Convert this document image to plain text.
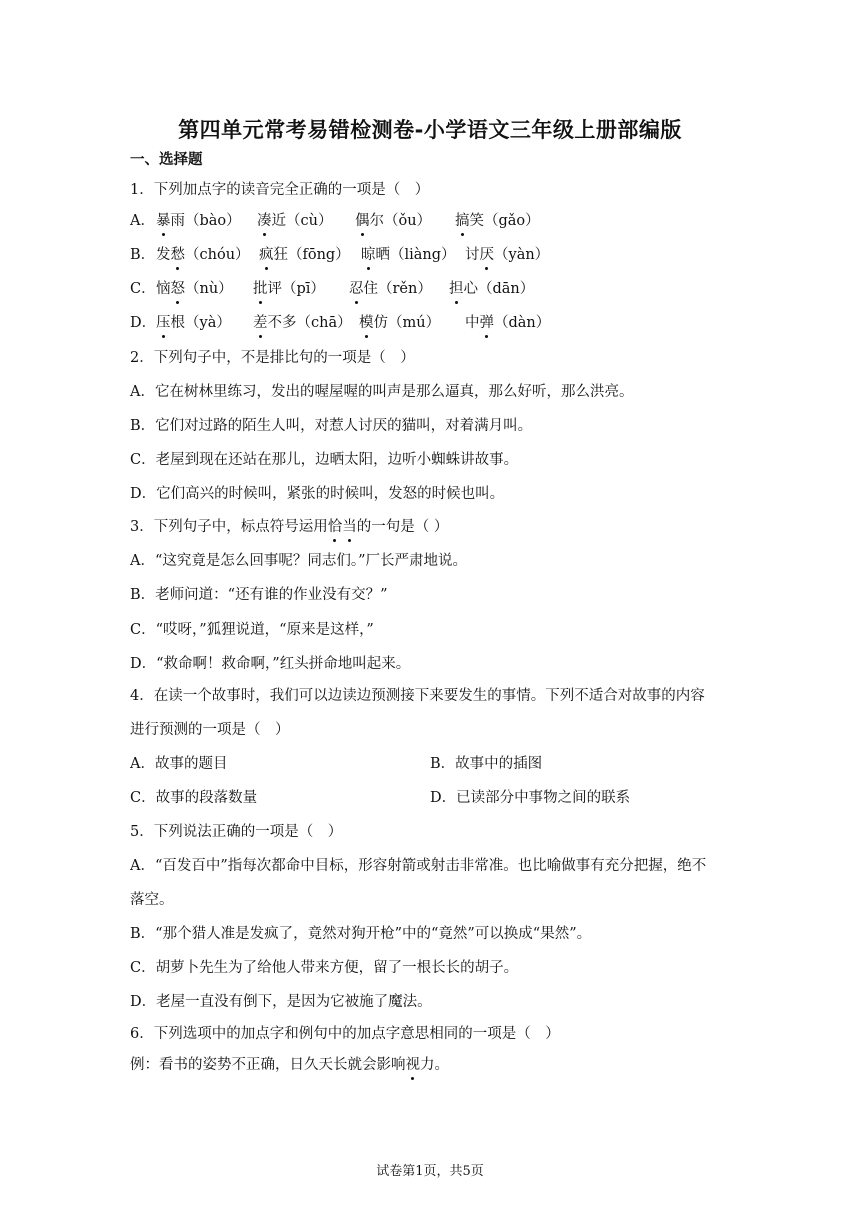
第四单元常考易错检测卷-小学语文三年级上册部编版
一、选择题
1．下列加点字的读音完全正确的一项是（　）
A． 暴雨（bào） 凑近（cù） 偶尔（ǒu） 搞笑（gǎo）
B． 发愁（chóu） 疯狂（fōng） 晾晒（liàng） 讨厌（yàn）
C． 恼怒（nù） 批评（pī） 忍住（rěn） 担心（dān）
D． 压根（yà） 差不多（chā） 模仿（mú） 中弹（dàn）
2．下列句子中，不是排比句的一项是（　）
A．它在树林里练习，发出的喔屋喔的叫声是那么逼真，那么好听，那么洪亮。
B．它们对过路的陌生人叫，对惹人讨厌的猫叫，对着满月叫。
C．老屋到现在还站在那儿，边晒太阳，边听小蜘蛛讲故事。
D．它们高兴的时候叫，紧张的时候叫，发怒的时候也叫。
3．下列句子中，标点符号运用恰当的一句是（ ）
A．“这究竟是怎么回事呢？同志们。”厂长严肃地说。
B．老师问道：“还有谁的作业没有交？”
C．“哎呀，”狐狸说道，“原来是这样，”
D．“救命啊！救命啊，”红头拼命地叫起来。
4．在读一个故事时，我们可以边读边预测接下来要发生的事情。下列不适合对故事的内容
进行预测的一项是（　）
A．故事的题目	B．故事中的插图
C．故事的段落数量	D．已读部分中事物之间的联系
5．下列说法正确的一项是（　）
A．“百发百中”指每次都命中目标，形容射箭或射击非常准。也比喻做事有充分把握，绝不
落空。
B．“那个猎人准是发疯了，竟然对狗开枪”中的“竟然”可以换成“果然”。
C．胡萝卜先生为了给他人带来方便，留了一根长长的胡子。
D．老屋一直没有倒下，是因为它被施了魔法。
6．下列选项中的加点字和例句中的加点字意思相同的一项是（　）
例：看书的姿势不正确，日久天长就会影响视力。
试卷第1页，共5页
